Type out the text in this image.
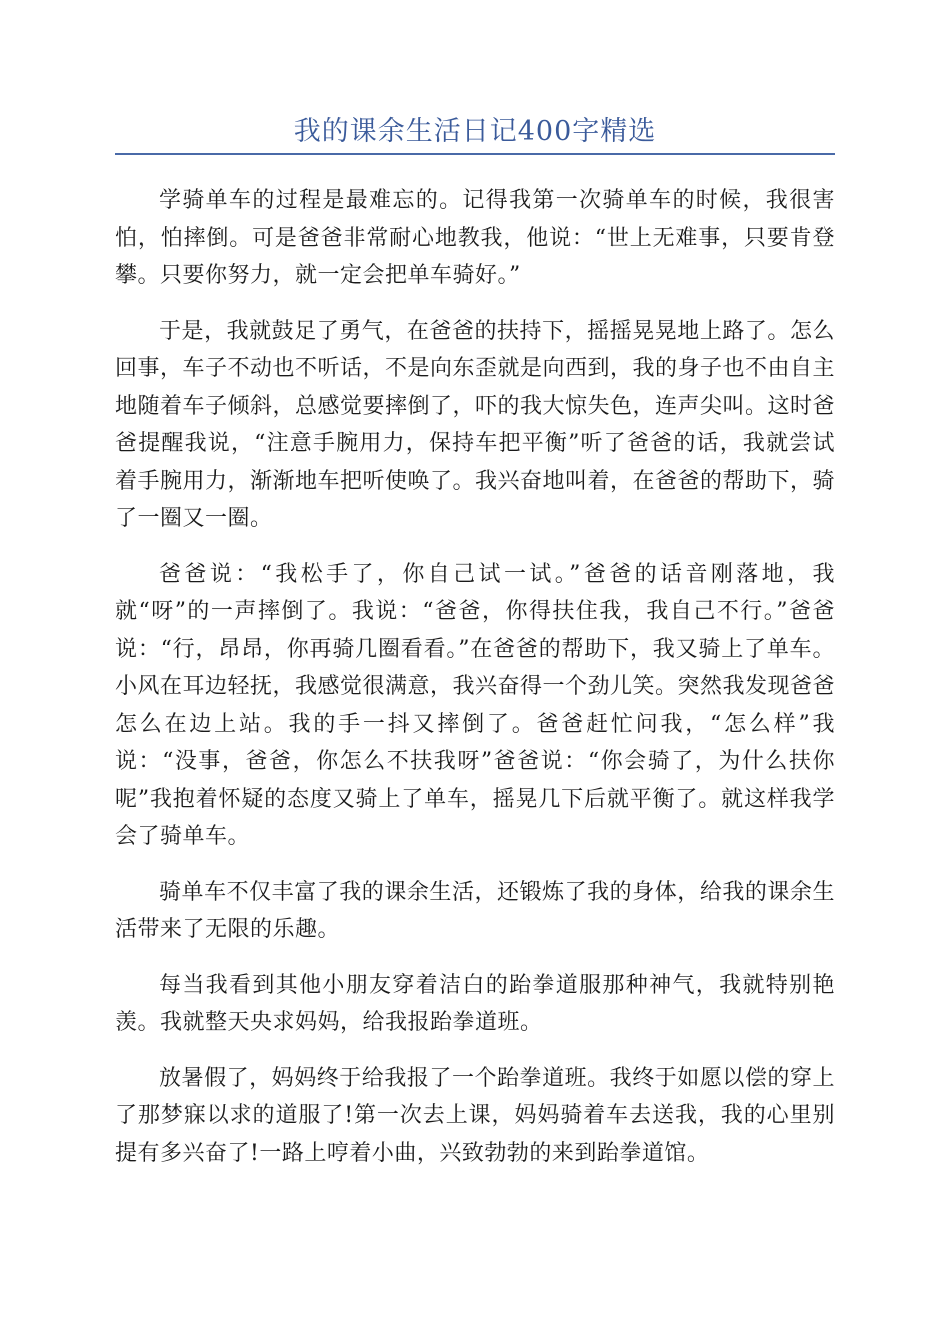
我的课余生活日记400字精选

学骑单车的过程是最难忘的。记得我第一次骑单车的时候，我很害怕，怕摔倒。可是爸爸非常耐心地教我，他说：“世上无难事，只要肯登攀。只要你努力，就一定会把单车骑好。”

于是，我就鼓足了勇气，在爸爸的扶持下，摇摇晃晃地上路了。怎么回事，车子不动也不听话，不是向东歪就是向西到，我的身子也不由自主地随着车子倾斜，总感觉要摔倒了，吓的我大惊失色，连声尖叫。这时爸爸提醒我说，“注意手腕用力，保持车把平衡”听了爸爸的话，我就尝试着手腕用力，渐渐地车把听使唤了。我兴奋地叫着，在爸爸的帮助下，骑了一圈又一圈。

爸爸说：“我松手了，你自己试一试。”爸爸的话音刚落地，我就“呀”的一声摔倒了。我说：“爸爸，你得扶住我，我自己不行。”爸爸说：“行，昂昂，你再骑几圈看看。”在爸爸的帮助下，我又骑上了单车。小风在耳边轻抚，我感觉很满意，我兴奋得一个劲儿笑。突然我发现爸爸怎么在边上站。我的手一抖又摔倒了。爸爸赶忙问我，“怎么样”我说：“没事，爸爸，你怎么不扶我呀”爸爸说：“你会骑了，为什么扶你呢”我抱着怀疑的态度又骑上了单车，摇晃几下后就平衡了。就这样我学会了骑单车。

骑单车不仅丰富了我的课余生活，还锻炼了我的身体，给我的课余生活带来了无限的乐趣。

每当我看到其他小朋友穿着洁白的跆拳道服那种神气，我就特别艳羡。我就整天央求妈妈，给我报跆拳道班。

放暑假了，妈妈终于给我报了一个跆拳道班。我终于如愿以偿的穿上了那梦寐以求的道服了!第一次去上课，妈妈骑着车去送我，我的心里别提有多兴奋了!一路上哼着小曲，兴致勃勃的来到跆拳道馆。
